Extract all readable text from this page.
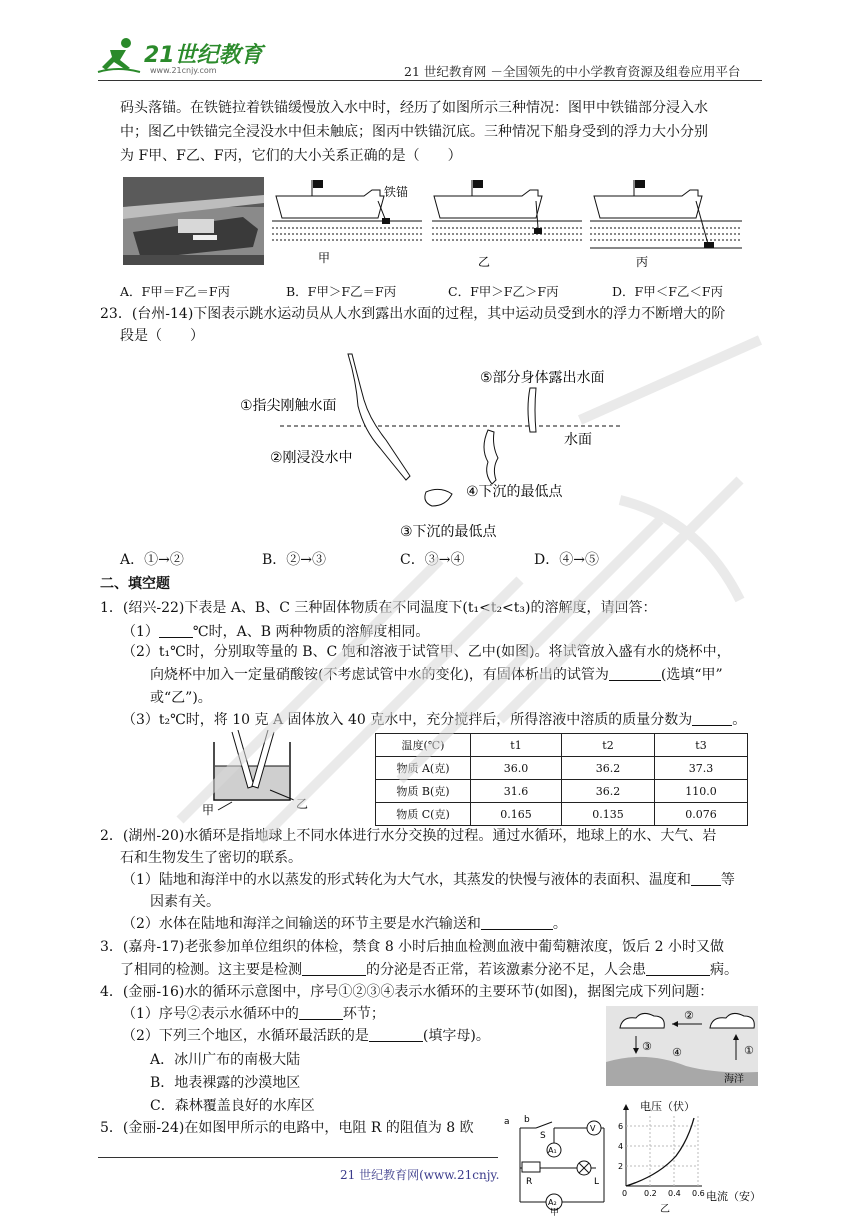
21世纪教育
www.21cnjy.com	21 世纪教育网 －全国领先的中小学教育资源及组卷应用平台
码头落锚。在铁链拉着铁锚缓慢放入水中时，经历了如图所示三种情况：图甲中铁锚部分浸入水
中；图乙中铁锚完全浸没水中但未触底；图丙中铁锚沉底。三种情况下船身受到的浮力大小分别
为 F甲、F乙、F丙，它们的大小关系正确的是（　　）
铁锚
甲	乙	丙
A．F甲＝F乙＝F丙	B．F甲＞F乙＝F丙	C．F甲＞F乙＞F丙	D．F甲＜F乙＜F丙
23．(台州-14)下图表示跳水运动员从人水到露出水面的过程，其中运动员受到水的浮力不断增大的阶
段是（　　）
①指尖刚触水面
②刚浸没水中
③下沉的最低点
④下沉的最低点
⑤部分身体露出水面
水面
A．①→②	B．②→③	C．③→④	D．④→⑤
二、填空题
1．(绍兴-22)下表是 A、B、C 三种固体物质在不同温度下(t₁<t₂<t₃)的溶解度，请回答：
（1） ℃时，A、B 两种物质的溶解度相同。
（2）t₁℃时，分别取等量的 B、C 饱和溶液于试管甲、乙中(如图)。将试管放入盛有水的烧杯中，
向烧杯中加入一定量硝酸铵(不考虑试管中水的变化)，有固体析出的试管为	(选填“甲”
或“乙”)。
（3）t₂℃时，将 10 克 A 固体放入 40 克水中，充分搅拌后，所得溶液中溶质的质量分数为	。
甲	乙
温度(℃)	t1	t2	t3
物质 A(克)	36.0	36.2	37.3
物质 B(克)	31.6	36.2	110.0
物质 C(克)	0.165	0.135	0.076
2．(湖州-20)水循环是指地球上不同水体进行水分交换的过程。通过水循环，地球上的水、大气、岩
石和生物发生了密切的联系。
（1）陆地和海洋中的水以蒸发的形式转化为大气水，其蒸发的快慢与液体的表面积、温度和 等
因素有关。
（2）水体在陆地和海洋之间输送的环节主要是水汽输送和	。
3．(嘉舟-17)老张参加单位组织的体检，禁食 8 小时后抽血检测血液中葡萄糖浓度，饭后 2 小时又做
了相同的检测。这主要是检测	的分泌是否正常，若该激素分泌不足，人会患	病。
4．(金丽-16)水的循环示意图中，序号①②③④表示水循环的主要环节(如图)，据图完成下列问题：
（1）序号②表示水循环中的	环节；
（2）下列三个地区，水循环最活跃的是	(填字母)。
A．冰川广布的南极大陆
B．地表裸露的沙漠地区
C．森林覆盖良好的水库区
①
②
③ ④
海洋
5．(金丽-24)在如图甲所示的电路中，电阻 R 的阻值为 8 欧	a b
S
V
A₁
R	L
A₂
甲
电压（伏）
2
4
6
0 0.2 0.4 0.6 电流（安）
乙
21 世纪教育网(www.21cnjy.
